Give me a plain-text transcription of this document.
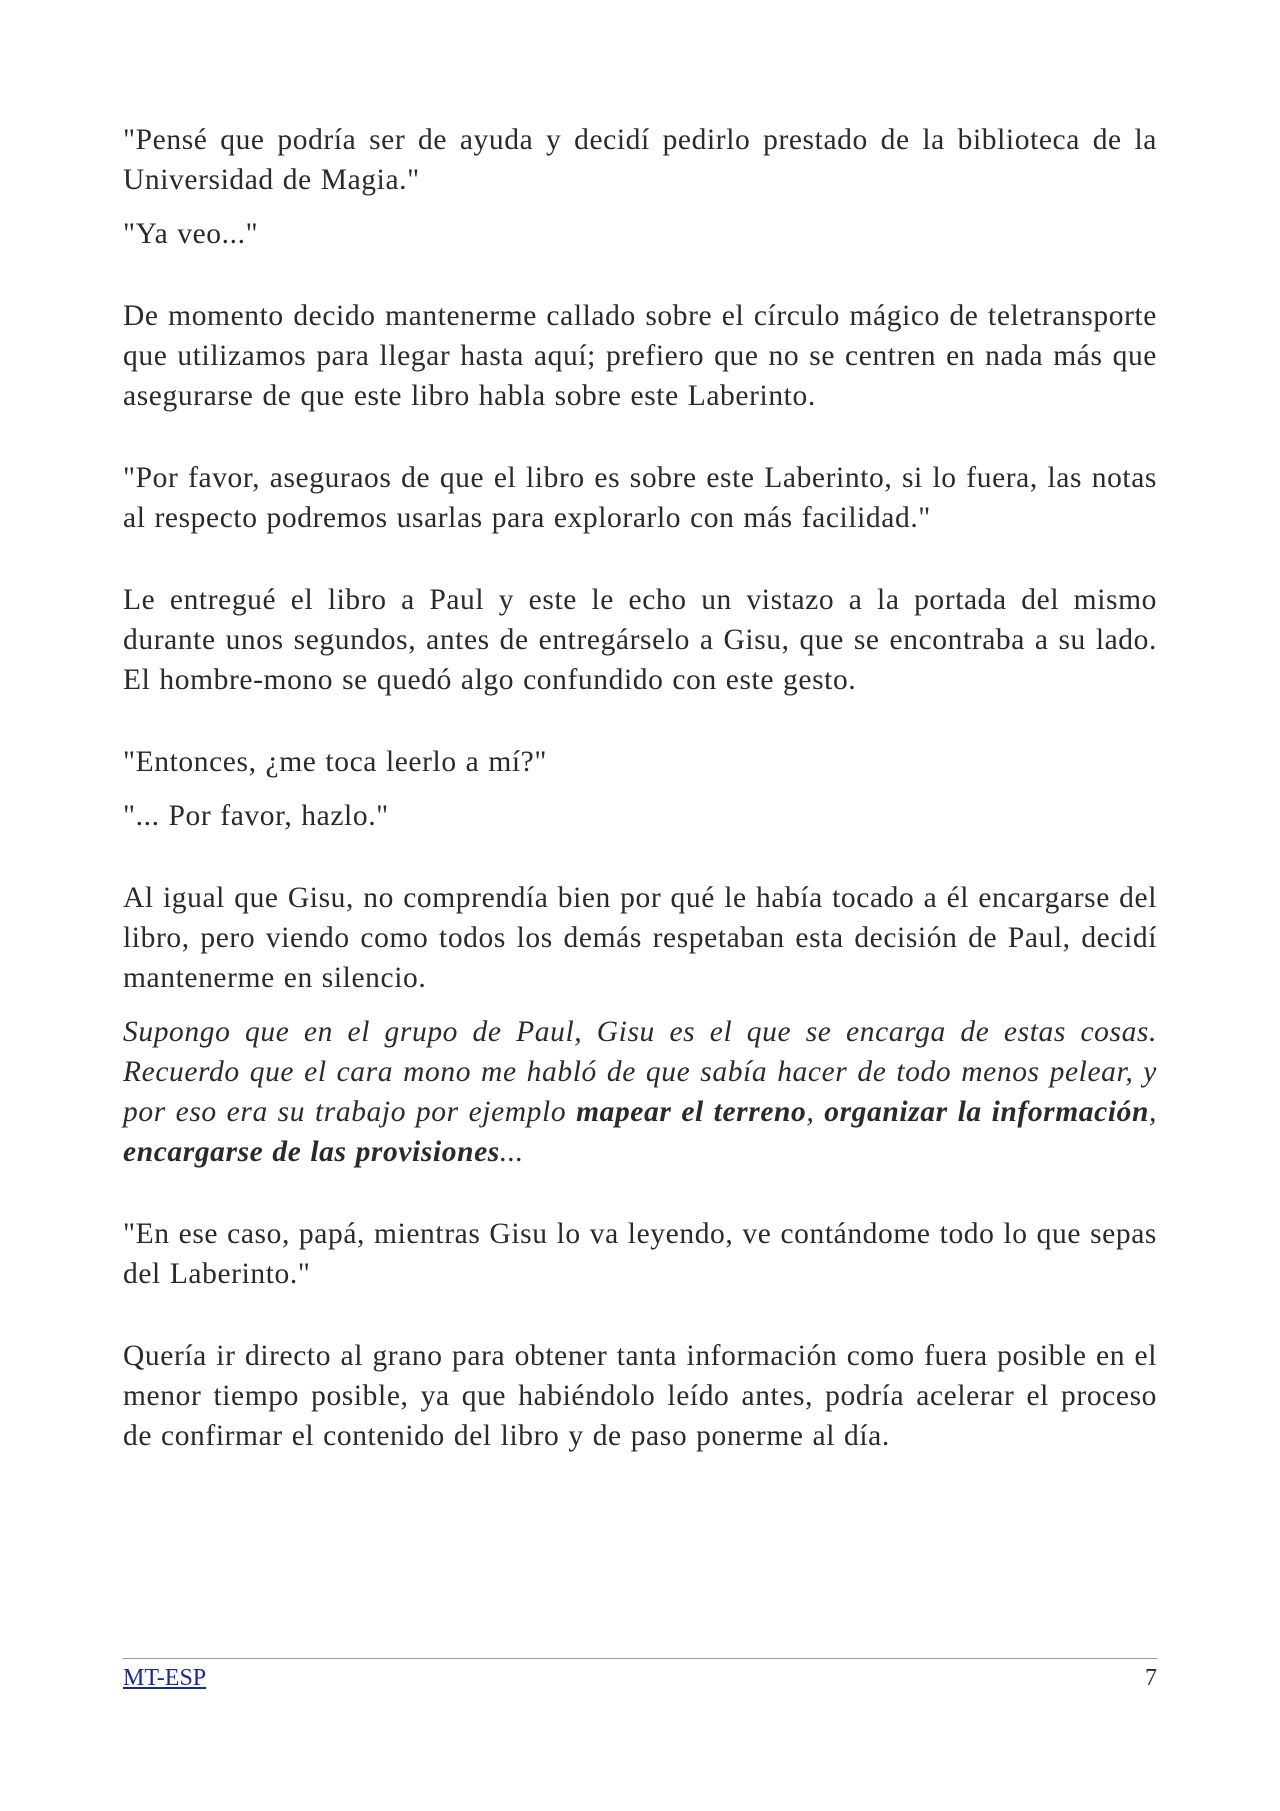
"Pensé que podría ser de ayuda y decidí pedirlo prestado de la biblioteca de la Universidad de Magia."

"Ya veo..."

De momento decido mantenerme callado sobre el círculo mágico de teletransporte que utilizamos para llegar hasta aquí; prefiero que no se centren en nada más que asegurarse de que este libro habla sobre este Laberinto.

"Por favor, aseguraos de que el libro es sobre este Laberinto, si lo fuera, las notas al respecto podremos usarlas para explorarlo con más facilidad."

Le entregué el libro a Paul y este le echo un vistazo a la portada del mismo durante unos segundos, antes de entregárselo a Gisu, que se encontraba a su lado. El hombre-mono se quedó algo confundido con este gesto.

"Entonces, ¿me toca leerlo a mí?"

"... Por favor, hazlo."

Al igual que Gisu, no comprendía bien por qué le había tocado a él encargarse del libro, pero viendo como todos los demás respetaban esta decisión de Paul, decidí mantenerme en silencio.

Supongo que en el grupo de Paul, Gisu es el que se encarga de estas cosas. Recuerdo que el cara mono me habló de que sabía hacer de todo menos pelear, y por eso era su trabajo por ejemplo mapear el terreno, organizar la información, encargarse de las provisiones...

"En ese caso, papá, mientras Gisu lo va leyendo, ve contándome todo lo que sepas del Laberinto."

Quería ir directo al grano para obtener tanta información como fuera posible en el menor tiempo posible, ya que habiéndolo leído antes, podría acelerar el proceso de confirmar el contenido del libro y de paso ponerme al día.

MT-ESP	7
